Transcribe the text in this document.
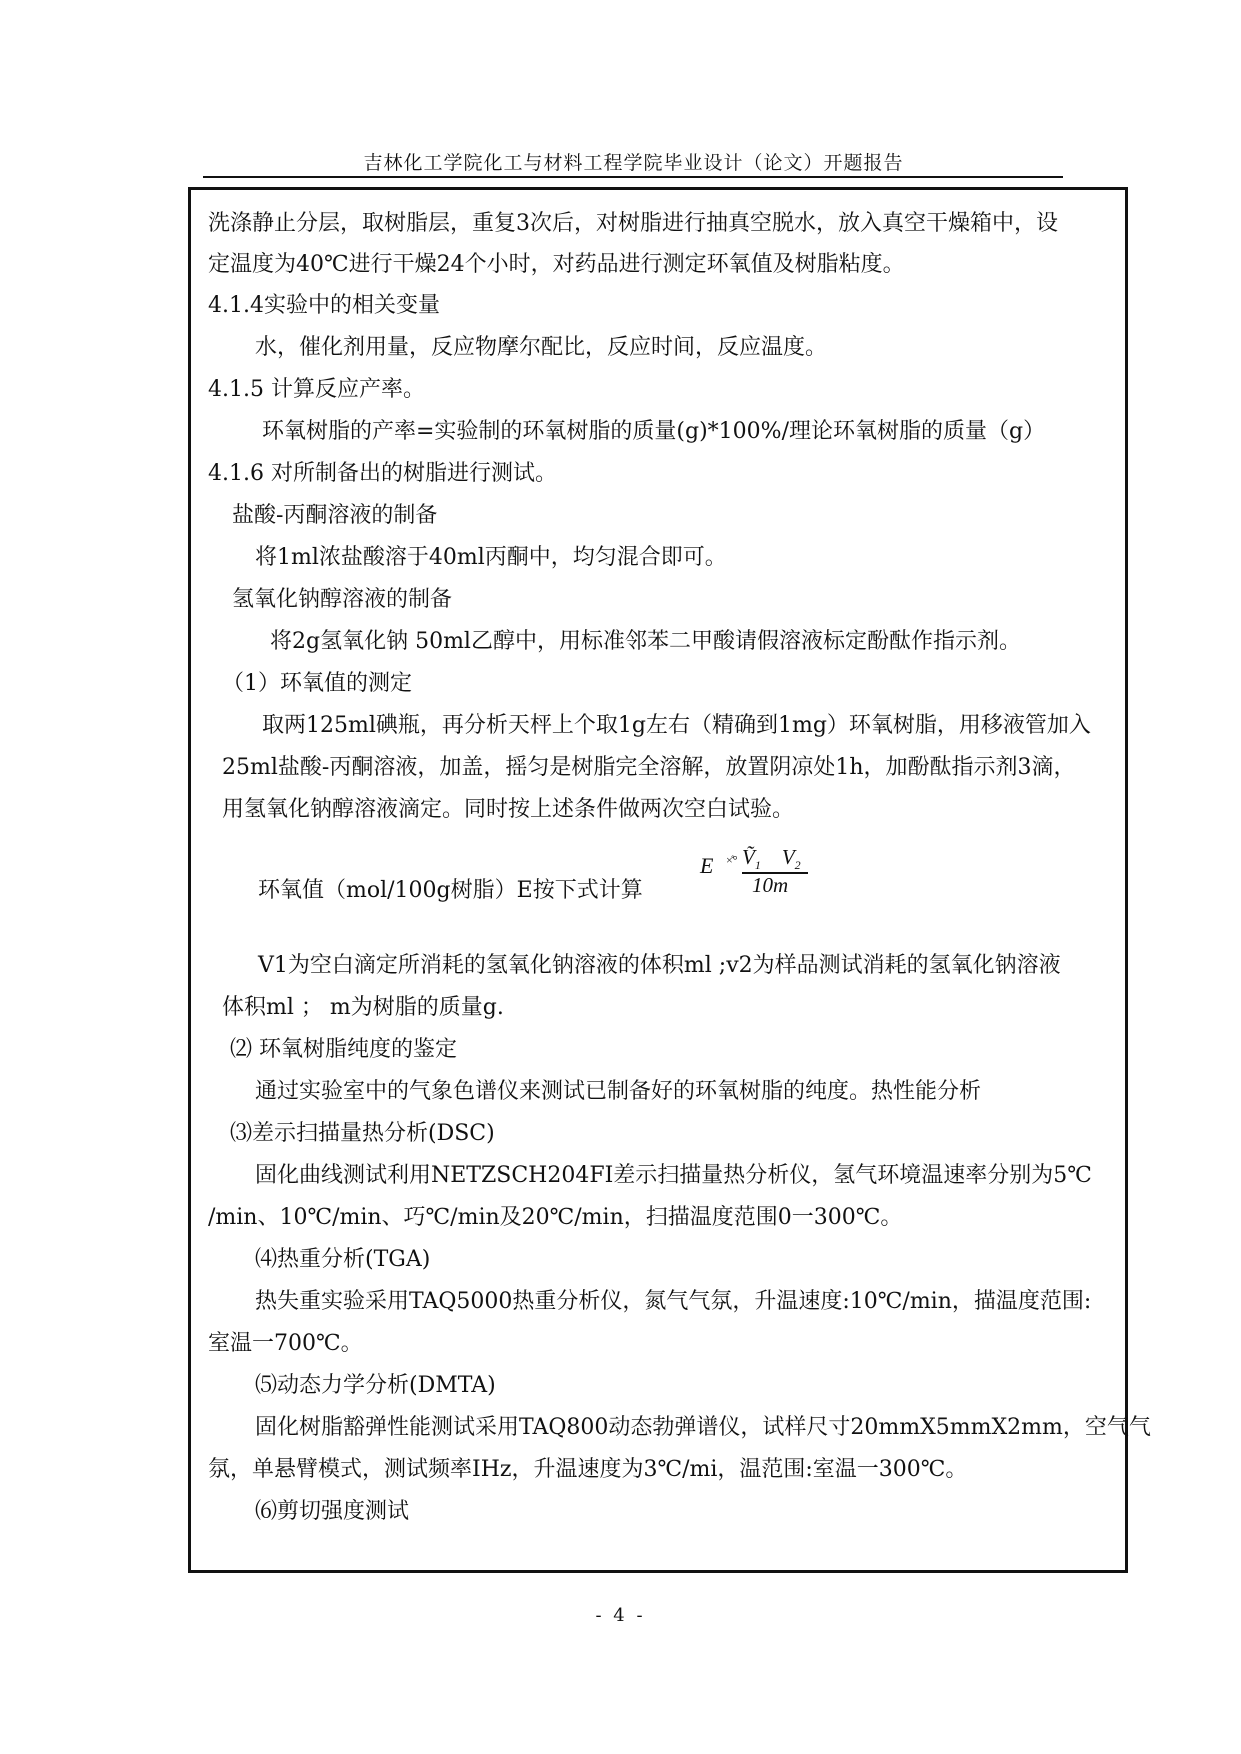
吉林化工学院化工与材料工程学院毕业设计（论文）开题报告
洗涤静止分层，取树脂层，重复3次后，对树脂进行抽真空脱水，放入真空干燥箱中，设
定温度为40℃进行干燥24个小时，对药品进行测定环氧值及树脂粘度。
4.1.4实验中的相关变量
水，催化剂用量，反应物摩尔配比，反应时间，反应温度。
4.1.5 计算反应产率。
环氧树脂的产率=实验制的环氧树脂的质量(g)*100%/理论环氧树脂的质量（g）
4.1.6 对所制备出的树脂进行测试。
盐酸-丙酮溶液的制备
将1ml浓盐酸溶于40ml丙酮中，均匀混合即可。
氢氧化钠醇溶液的制备
将2g氢氧化钠 50ml乙醇中，用标准邻苯二甲酸请假溶液标定酚酞作指示剂。
（1）环氧值的测定
取两125ml碘瓶，再分析天枰上个取1g左右（精确到1mg）环氧树脂，用移液管加入
25ml盐酸-丙酮溶液，加盖，摇匀是树脂完全溶解，放置阴凉处1h，加酚酞指示剂3滴，
用氢氧化钠醇溶液滴定。同时按上述条件做两次空白试验。
环氧值（mol/100g树脂）E按下式计算
E ×̊° Ṽ$_1$   $V_2$
10m
V1为空白滴定所消耗的氢氧化钠溶液的体积ml ;v2为样品测试消耗的氢氧化钠溶液
体积ml ； m为树脂的质量g.
⑵ 环氧树脂纯度的鉴定
通过实验室中的气象色谱仪来测试已制备好的环氧树脂的纯度。热性能分析
⑶差示扫描量热分析(DSC)
固化曲线测试利用NETZSCH204FI差示扫描量热分析仪，氢气环境温速率分别为5℃
/min、10℃/min、巧℃/min及20℃/min，扫描温度范围0一300℃。
⑷热重分析(TGA)
热失重实验采用TAQ5000热重分析仪，氮气气氛，升温速度:10℃/min，描温度范围:
室温一700℃。
⑸动态力学分析(DMTA)
固化树脂豁弹性能测试采用TAQ800动态勃弹谱仪，试样尺寸20mmX5mmX2mm，空气气
氛，单悬臂模式，测试频率IHz，升温速度为3℃/mi，温范围:室温一300℃。
⑹剪切强度测试
- 4 -
